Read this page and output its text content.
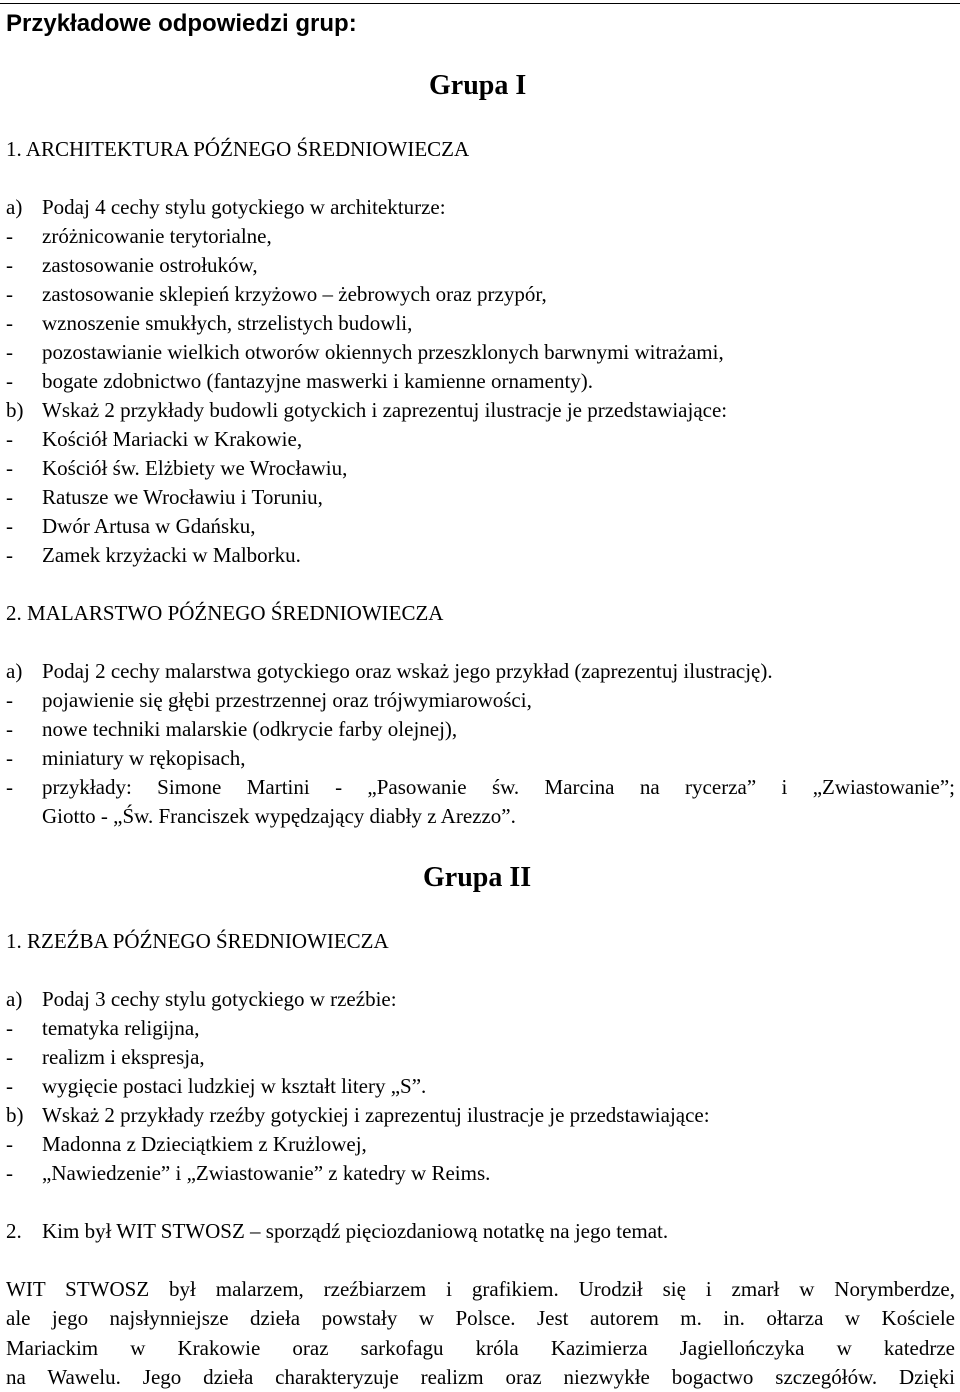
Przykładowe odpowiedzi grup:
Grupa I
1. ARCHITEKTURA PÓŹNEGO ŚREDNIOWIECZA
a) Podaj 4 cechy stylu gotyckiego w architekturze:
- zróżnicowanie terytorialne,
- zastosowanie ostrołuków,
- zastosowanie sklepień krzyżowo – żebrowych oraz przypór,
- wznoszenie smukłych, strzelistych budowli,
- pozostawianie wielkich otworów okiennych przeszklonych barwnymi witrażami,
- bogate zdobnictwo (fantazyjne maswerki i kamienne ornamenty).
b) Wskaż 2 przykłady budowli gotyckich i zaprezentuj ilustracje je przedstawiające:
- Kościół Mariacki w Krakowie,
- Kościół św. Elżbiety we Wrocławiu,
- Ratusze we Wrocławiu i Toruniu,
- Dwór Artusa w Gdańsku,
- Zamek krzyżacki w Malborku.
2. MALARSTWO PÓŹNEGO ŚREDNIOWIECZA
a) Podaj 2 cechy malarstwa gotyckiego oraz wskaż jego przykład (zaprezentuj ilustrację).
- pojawienie się głębi przestrzennej oraz trójwymiarowości,
- nowe techniki malarskie (odkrycie farby olejnej),
- miniatury w rękopisach,
-	przykłady: Simone Martini - „Pasowanie św. Marcina na rycerza” i „Zwiastowanie”;
Giotto - „Św. Franciszek wypędzający diabły z Arezzo”.
Grupa II
1. RZEŹBA PÓŹNEGO ŚREDNIOWIECZA
a) Podaj 3 cechy stylu gotyckiego w rzeźbie:
- tematyka religijna,
- realizm i ekspresja,
- wygięcie postaci ludzkiej w kształt litery „S”.
b) Wskaż 2 przykłady rzeźby gotyckiej i zaprezentuj ilustracje je przedstawiające:
- Madonna z Dzieciątkiem z Krużlowej,
- „Nawiedzenie” i „Zwiastowanie” z katedry w Reims.
2. Kim był WIT STWOSZ – sporządź pięciozdaniową notatkę na jego temat.
WIT STWOSZ był malarzem, rzeźbiarzem i grafikiem. Urodził się i zmarł w Norymberdze,
ale jego najsłynniejsze dzieła powstały w Polsce. Jest autorem m. in. ołtarza w Kościele
Mariackim w Krakowie oraz sarkofagu króla Kazimierza Jagiellończyka w katedrze
na Wawelu. Jego dzieła charakteryzuje realizm oraz niezwykłe bogactwo szczegółów. Dzięki
